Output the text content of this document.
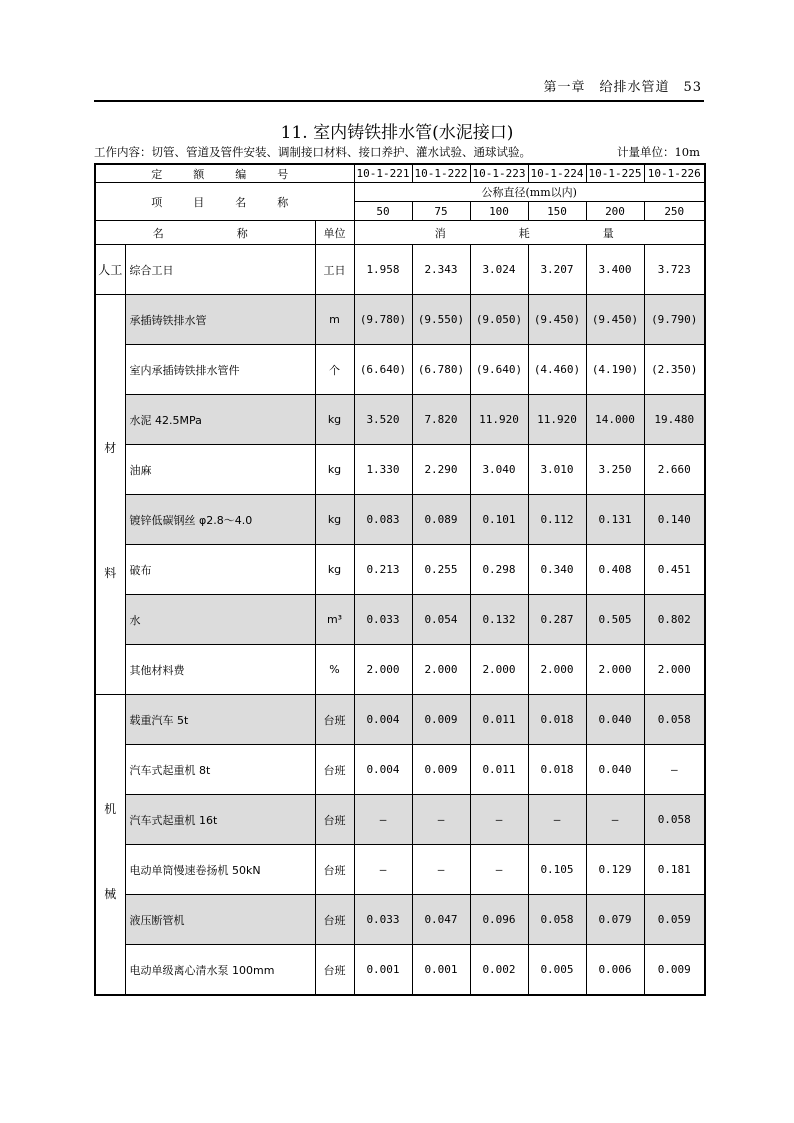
第一章　给排水管道　53
11. 室内铸铁排水管(水泥接口)
工作内容：切管、管道及管件安装、调制接口材料、接口养护、灌水试验、通球试验。	计量单位：10m
定　额　编　号			10-1-221	10-1-222	10-1-223	10-1-224	10-1-225	10-1-226
项　目　名　称			公称直径(mm以内)					
			50	75	100	150	200	250
名　　　称		单位	消　　　耗　　　量					
人工	综合工日	工日	1.958	2.343	3.024	3.207	3.400	3.723

材
料	承插铸铁排水管	m	(9.780)	(9.550)	(9.050)	(9.450)	(9.450)	(9.790)
	室内承插铸铁排水管件	个	(6.640)	(6.780)	(9.640)	(4.460)	(4.190)	(2.350)
	水泥 42.5MPa	kg	3.520	7.820	11.920	11.920	14.000	19.480
	油麻	kg	1.330	2.290	3.040	3.010	3.250	2.660
	镀锌低碳钢丝 φ2.8～4.0	kg	0.083	0.089	0.101	0.112	0.131	0.140
	破布	kg	0.213	0.255	0.298	0.340	0.408	0.451
	水	m³	0.033	0.054	0.132	0.287	0.505	0.802
	其他材料费	%	2.000	2.000	2.000	2.000	2.000	2.000

机
械	载重汽车 5t	台班	0.004	0.009	0.011	0.018	0.040	0.058
	汽车式起重机 8t	台班	0.004	0.009	0.011	0.018	0.040	—
	汽车式起重机 16t	台班	—	—	—	—	—	0.058
	电动单筒慢速卷扬机 50kN	台班	—	—	—	0.105	0.129	0.181
	液压断管机	台班	0.033	0.047	0.096	0.058	0.079	0.059
	电动单级离心清水泵 100mm	台班	0.001	0.001	0.002	0.005	0.006	0.009
